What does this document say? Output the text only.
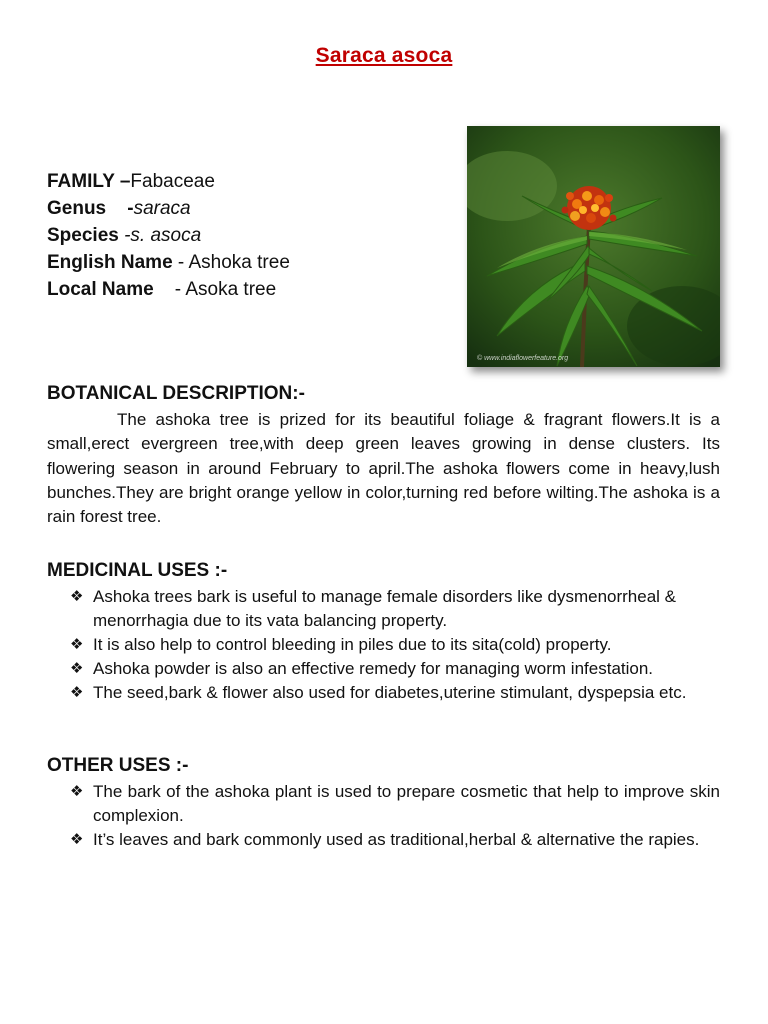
Saraca asoca
FAMILY –Fabaceae
Genus    -saraca
Species -s. asoca
English Name - Ashoka tree
Local Name    - Asoka tree
© www.indiaflowerfeature.org
BOTANICAL DESCRIPTION:-
The ashoka tree is prized for its beautiful foliage & fragrant flowers.It is a small,erect evergreen tree,with deep green leaves growing in dense clusters. Its flowering season in around February to april.The ashoka flowers come in heavy,lush bunches.They are bright orange yellow in color,turning red before wilting.The ashoka is a rain forest tree.
MEDICINAL USES :-
❖ Ashoka trees bark is useful to manage female disorders like dysmenorrheal & menorrhagia due to its vata balancing property.
❖ It is also help to control bleeding in piles due to its sita(cold) property.
❖ Ashoka powder is also an effective remedy for managing worm infestation.
❖ The seed,bark & flower also used for diabetes,uterine stimulant, dyspepsia etc.
OTHER USES :-
❖ The bark of the ashoka plant is used to prepare cosmetic that help to improve skin complexion.
❖ It’s leaves and bark commonly used as traditional,herbal & alternative the rapies.
